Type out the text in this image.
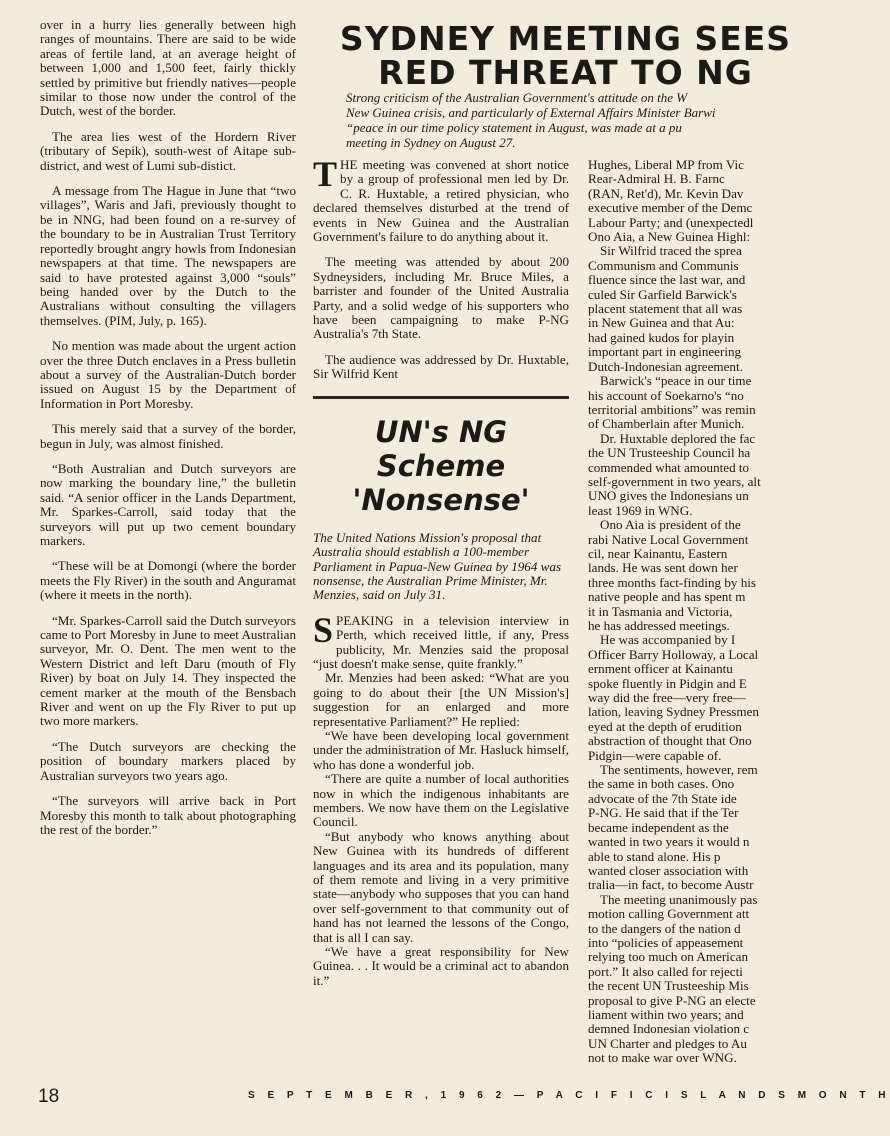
over in a hurry lies generally between high ranges of mountains. There are said to be wide areas of fertile land, at an average height of between 1,000 and 1,500 feet, fairly thickly settled by primitive but friendly natives—people similar to those now under the control of the Dutch, west of the border.

The area lies west of the Hordern River (tributary of Sepik), south-west of Aitape sub-district, and west of Lumi sub-distict.

A message from The Hague in June that “two villages”, Waris and Jafi, previously thought to be in NNG, had been found on a re-survey of the boundary to be in Australian Trust Territory reportedly brought angry howls from Indonesian newspapers at that time. The newspapers are said to have protested against 3,000 “souls” being handed over by the Dutch to the Australians without consulting the villagers themselves. (PIM, July, p. 165).

No mention was made about the urgent action over the three Dutch enclaves in a Press bulletin about a survey of the Australian-Dutch border issued on August 15 by the Department of Information in Port Moresby.

This merely said that a survey of the border, begun in July, was almost finished.

“Both Australian and Dutch surveyors are now marking the boundary line,” the bulletin said. “A senior officer in the Lands Department, Mr. Sparkes-Carroll, said today that the surveyors will put up two cement boundary markers.

“These will be at Domongi (where the border meets the Fly River) in the south and Anguramat (where it meets in the north).

“Mr. Sparkes-Carroll said the Dutch surveyors came to Port Moresby in June to meet Australian surveyor, Mr. O. Dent. The men went to the Western District and left Daru (mouth of Fly River) by boat on July 14. They inspected the cement marker at the mouth of the Bensbach River and went on up the Fly River to put up two more markers.

“The Dutch surveyors are checking the position of boundary markers placed by Australian surveyors two years ago.

“The surveyors will arrive back in Port Moresby this month to talk about photographing the rest of the border.”

SYDNEY MEETING SEES
RED THREAT TO NG
Strong criticism of the Australian Government's attitude on the W
New Guinea crisis, and particularly of External Affairs Minister Barwi
“peace in our time policy statement in August, was made at a pu
meeting in Sydney on August 27.

THE meeting was convened at short notice by a group of professional men led by Dr. C. R. Huxtable, a retired physician, who declared themselves disturbed at the trend of events in New Guinea and the Australian Government's failure to do anything about it.

The meeting was attended by about 200 Sydneysiders, including Mr. Bruce Miles, a barrister and founder of the United Australia Party, and a solid wedge of his supporters who have been campaigning to make P-NG Australia's 7th State.

The audience was addressed by Dr. Huxtable, Sir Wilfrid Kent

UN's NG Scheme
'Nonsense'

The United Nations Mission's proposal that Australia should establish a 100-member Parliament in Papua-New Guinea by 1964 was nonsense, the Australian Prime Minister, Mr. Menzies, said on July 31.

SPEAKING in a television interview in Perth, which received little, if any, Press publicity, Mr. Menzies said the proposal “just doesn't make sense, quite frankly.”

Mr. Menzies had been asked: “What are you going to do about their [the UN Mission's] suggestion for an enlarged and more representative Parliament?” He replied:

“We have been developing local government under the administration of Mr. Hasluck himself, who has done a wonderful job.

“There are quite a number of local authorities now in which the indigenous inhabitants are members. We now have them on the Legislative Council.

“But anybody who knows anything about New Guinea with its hundreds of different languages and its area and its population, many of them remote and living in a very primitive state—anybody who supposes that you can hand over self-government to that community out of hand has not learned the lessons of the Congo, that is all I can say.

“We have a great responsibility for New Guinea. . . It would be a criminal act to abandon it.”

Hughes, Liberal MP from Vic

Rear-Admiral H. B. Farnc

(RAN, Ret'd), Mr. Kevin Dav

executive member of the Demc

Labour Party; and (unexpectedl

Ono Aia, a New Guinea Highl:

Sir Wilfrid traced the sprea

Communism and Communis

fluence since the last war, and

culed Sir Garfield Barwick's

placent statement that all was

in New Guinea and that Au:

had gained kudos for playin

important part in engineering

Dutch-Indonesian agreement.

Barwick's “peace in our time

his account of Soekarno's “no

territorial ambitions” was remin

of Chamberlain after Munich.

Dr. Huxtable deplored the fac

the UN Trusteeship Council ha

commended what amounted to

self-government in two years, alt

UNO gives the Indonesians un

least 1969 in WNG.

Ono Aia is president of the

rabi Native Local Government

cil, near Kainantu, Eastern

lands. He was sent down her

three months fact-finding by his

native people and has spent m

it in Tasmania and Victoria,

he has addressed meetings.

He was accompanied by I

Officer Barry Holloway, a Local

ernment officer at Kainantu

spoke fluently in Pidgin and E

way did the free—very free—

lation, leaving Sydney Pressmen

eyed at the depth of erudition

abstraction of thought that Ono

Pidgin—were capable of.

The sentiments, however, rem

the same in both cases. Ono

advocate of the 7th State ide

P-NG. He said that if the Ter

became independent as the

wanted in two years it would n

able to stand alone. His p

wanted closer association with

tralia—in fact, to become Austr

The meeting unanimously pas

motion calling Government att

to the dangers of the nation d

into “policies of appeasement

relying too much on American

port.” It also called for rejecti

the recent UN Trusteeship Mis

proposal to give P-NG an electe

liament within two years; and

demned Indonesian violation c

UN Charter and pledges to Au

not to make war over WNG.

18	S E P T E M B E R , 1 9 6 2 — P A C I F I C I S L A N D S M O N T H
